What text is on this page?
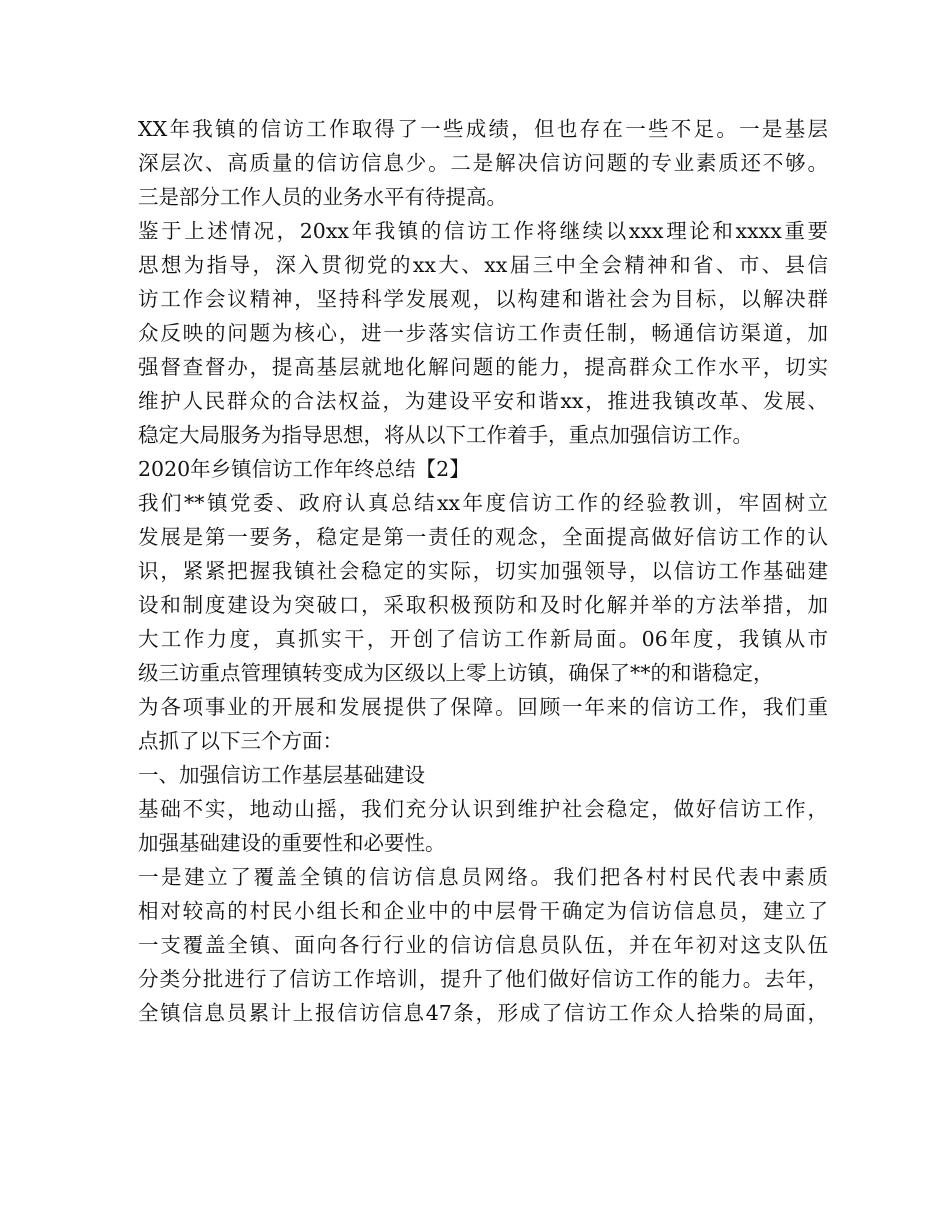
XX年我镇的信访工作取得了一些成绩，但也存在一些不足。一是基层
深层次、高质量的信访信息少。二是解决信访问题的专业素质还不够。
三是部分工作人员的业务水平有待提高。
鉴于上述情况，20xx年我镇的信访工作将继续以xxx理论和xxxx重要
思想为指导，深入贯彻党的xx大、xx届三中全会精神和省、市、县信
访工作会议精神，坚持科学发展观，以构建和谐社会为目标，以解决群
众反映的问题为核心，进一步落实信访工作责任制，畅通信访渠道，加
强督查督办，提高基层就地化解问题的能力，提高群众工作水平，切实
维护人民群众的合法权益，为建设平安和谐xx，推进我镇改革、发展、
稳定大局服务为指导思想，将从以下工作着手，重点加强信访工作。
2020年乡镇信访工作年终总结【2】
我们**镇党委、政府认真总结xx年度信访工作的经验教训，牢固树立
发展是第一要务，稳定是第一责任的观念，全面提高做好信访工作的认
识，紧紧把握我镇社会稳定的实际，切实加强领导，以信访工作基础建
设和制度建设为突破口，采取积极预防和及时化解并举的方法举措，加
大工作力度，真抓实干，开创了信访工作新局面。06年度，我镇从市
级三访重点管理镇转变成为区级以上零上访镇，确保了**的和谐稳定，
为各项事业的开展和发展提供了保障。回顾一年来的信访工作，我们重
点抓了以下三个方面：
一、加强信访工作基层基础建设
基础不实，地动山摇，我们充分认识到维护社会稳定，做好信访工作，
加强基础建设的重要性和必要性。
一是建立了覆盖全镇的信访信息员网络。我们把各村村民代表中素质
相对较高的村民小组长和企业中的中层骨干确定为信访信息员，建立了
一支覆盖全镇、面向各行行业的信访信息员队伍，并在年初对这支队伍
分类分批进行了信访工作培训，提升了他们做好信访工作的能力。去年，
全镇信息员累计上报信访信息47条，形成了信访工作众人拾柴的局面，
